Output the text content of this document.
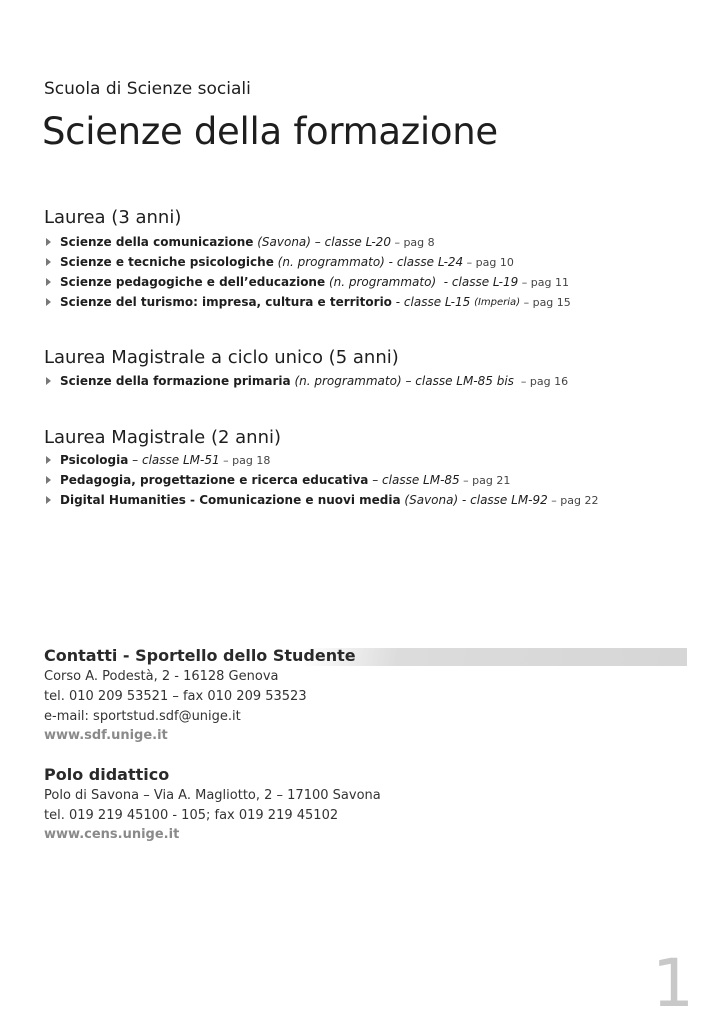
Scuola di Scienze sociali
Scienze della formazione
Laurea (3 anni)
Scienze della comunicazione
(Savona) – classe L-20 – pag 8
Scienze e tecniche psicologiche
(n. programmato) - classe L-24 – pag 10
Scienze pedagogiche e dell’educazione
(n. programmato) - classe L-19 – pag 11
Scienze del turismo: impresa, cultura e territorio - classe L-15
(Imperia) – pag 15
Laurea Magistrale a ciclo unico (5 anni)
Scienze della formazione primaria
(n. programmato) – classe LM-85 bis – pag 16
Laurea Magistrale (2 anni)
Psicologia – classe LM-51 – pag 18
Pedagogia, progettazione e ricerca educativa – classe LM-85 – pag 21
Digital Humanities - Comunicazione e nuovi media
(Savona) - classe LM-92 – pag 22
Contatti - Sportello dello Studente
Corso A. Podestà, 2 - 16128 Genova
tel. 010 209 53521 – fax 010 209 53523
e-mail: sportstud.sdf@unige.it
www.sdf.unige.it
Polo didattico
Polo di Savona – Via A. Magliotto, 2 – 17100 Savona
tel. 019 219 45100 - 105; fax 019 219 45102
www.cens.unige.it
1
